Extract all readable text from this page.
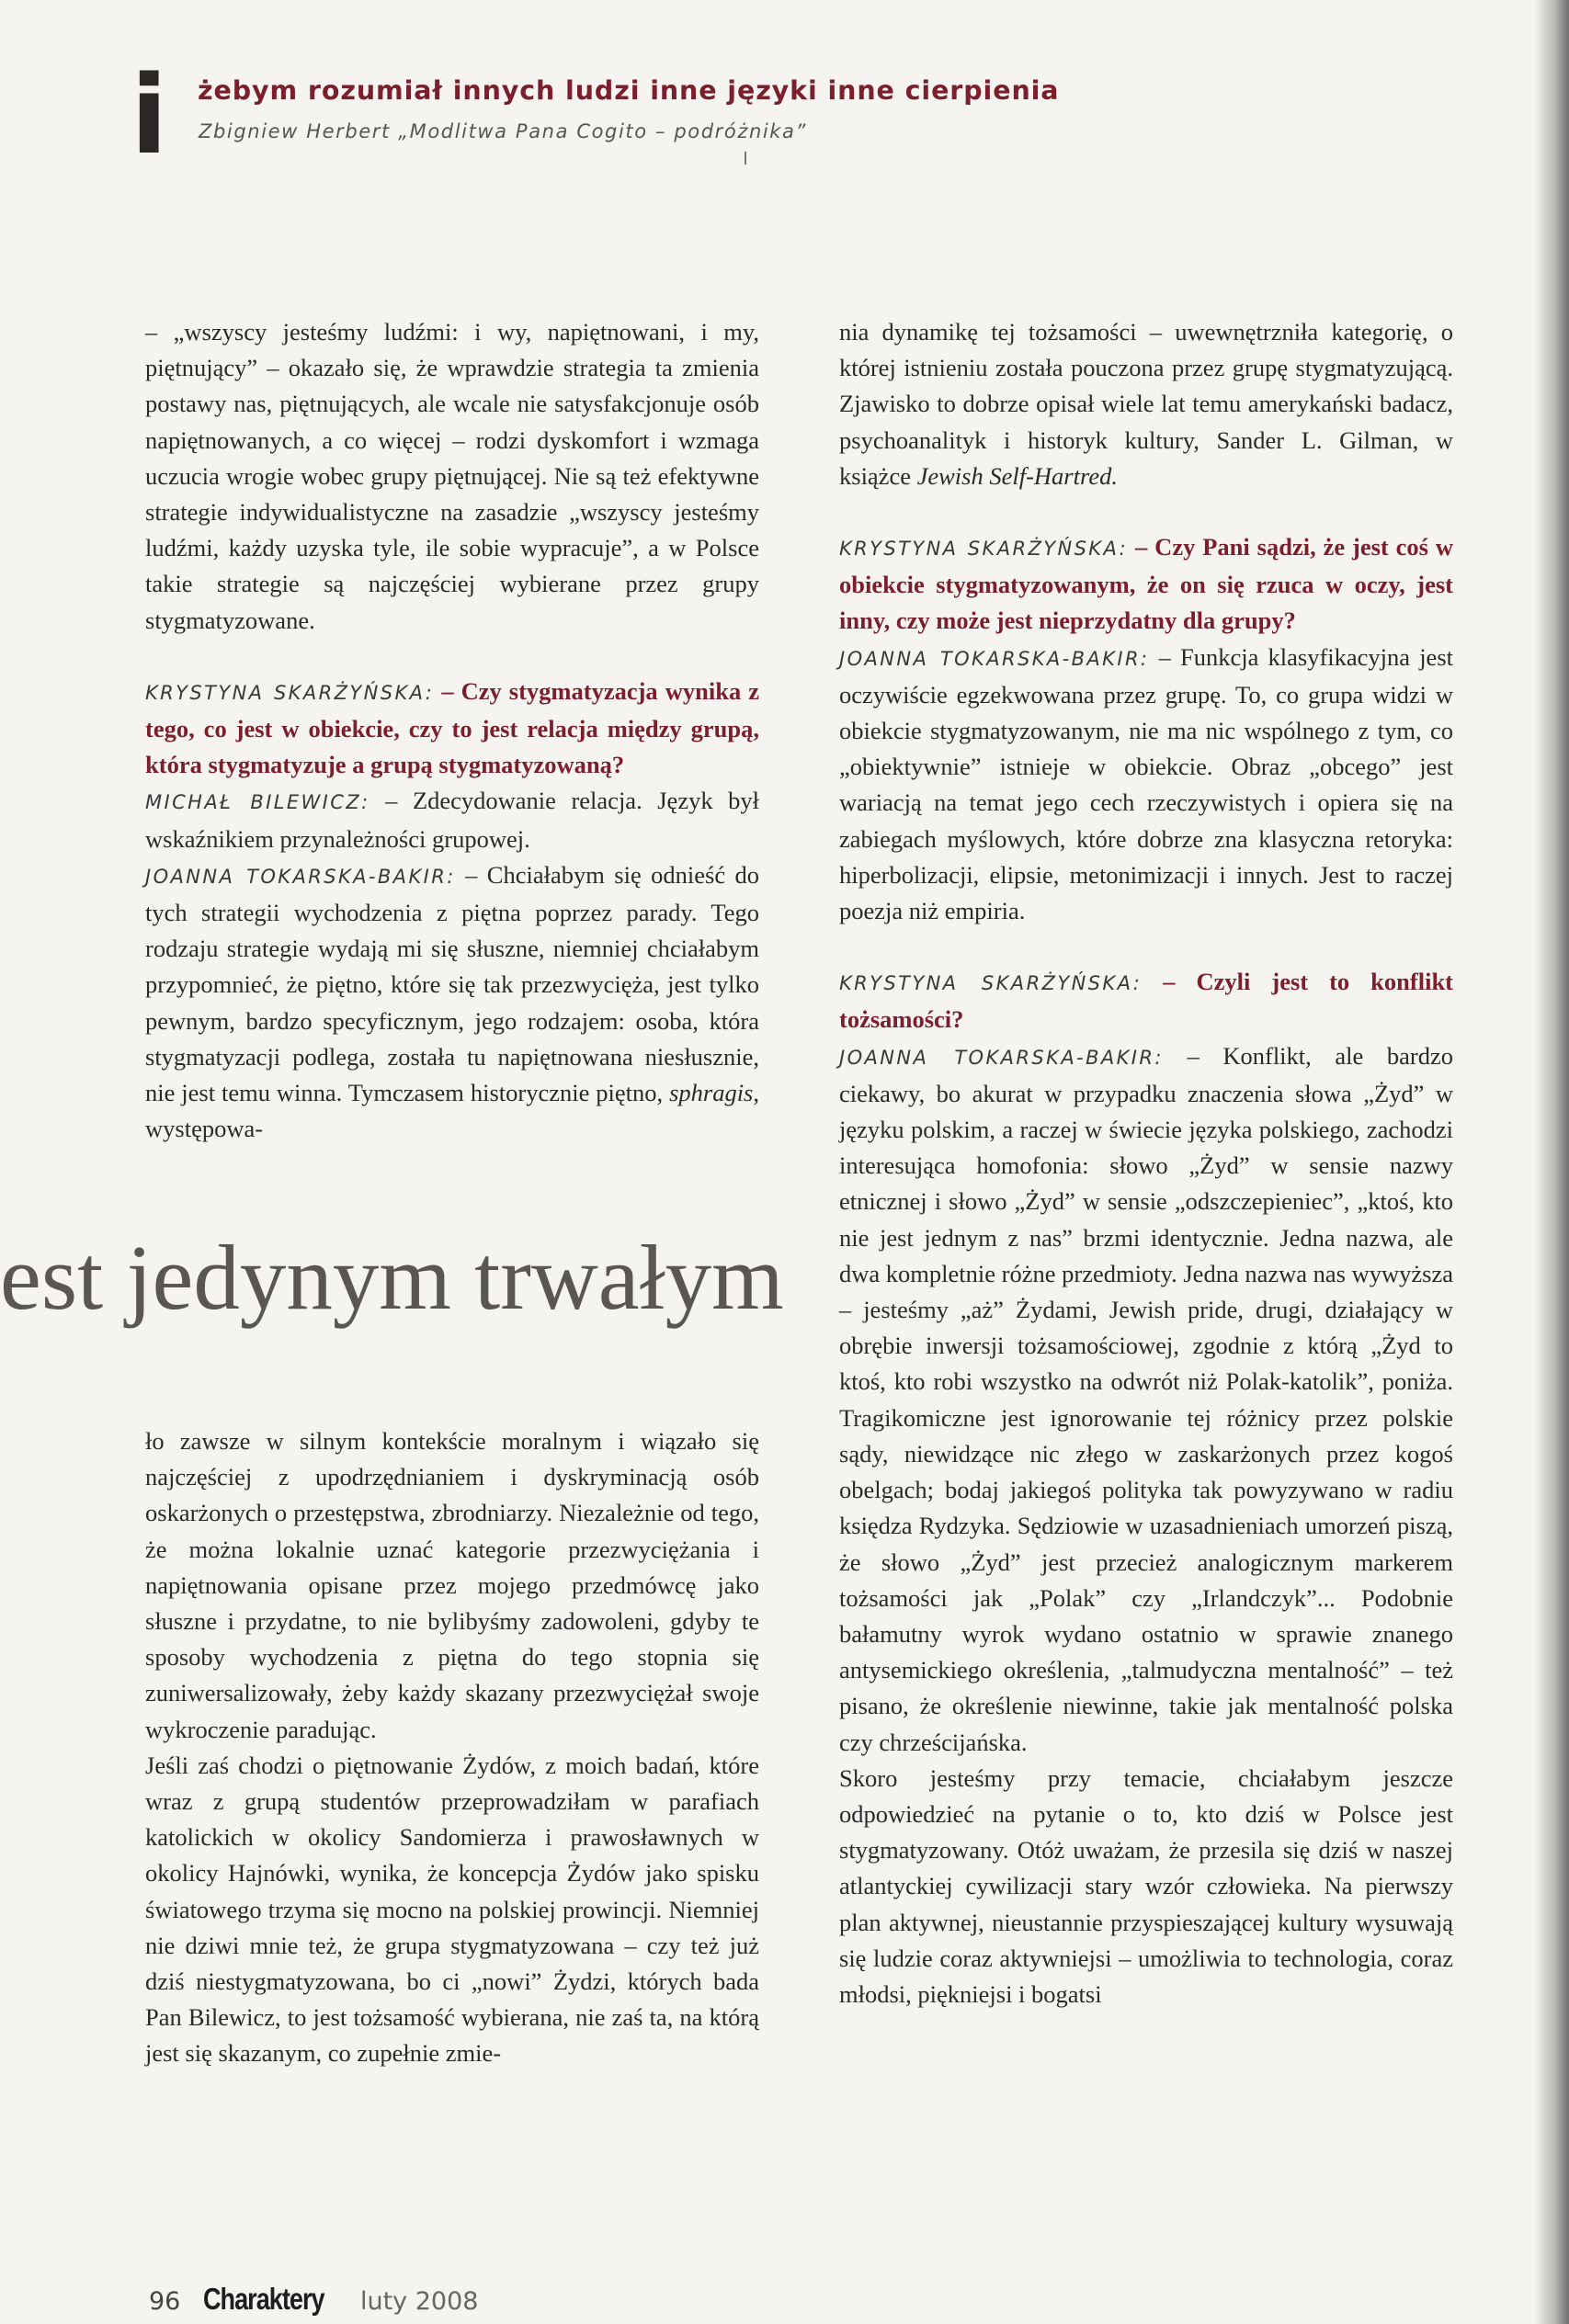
i	żebym rozumiał innych ludzi inne języki inne cierpienia
Zbigniew Herbert „Modlitwa Pana Cogito – podróżnika”

– „wszyscy jesteśmy ludźmi: i wy, napiętnowani, i my, piętnujący” – okazało się, że wprawdzie strategia ta zmienia postawy nas, piętnujących, ale wcale nie satysfakcjonuje osób napiętnowanych, a co więcej – rodzi dyskomfort i wzmaga uczucia wrogie wobec grupy piętnującej. Nie są też efektywne strategie indywidualistyczne na zasadzie „wszyscy jesteśmy ludźmi, każdy uzyska tyle, ile sobie wypracuje”, a w Polsce takie strategie są najczęściej wybierane przez grupy stygmatyzowane.

KRYSTYNA SKARŻYŃSKA: – Czy stygmatyzacja wynika z tego, co jest w obiekcie, czy to jest relacja między grupą, która stygmatyzuje a grupą stygmatyzowaną?

MICHAŁ BILEWICZ: – Zdecydowanie relacja. Język był wskaźnikiem przynależności grupowej.

JOANNA TOKARSKA-BAKIR: – Chciałabym się odnieść do tych strategii wychodzenia z piętna poprzez parady. Tego rodzaju strategie wydają mi się słuszne, niemniej chciałabym przypomnieć, że piętno, które się tak przezwycięża, jest tylko pewnym, bardzo specyficznym, jego rodzajem: osoba, która stygmatyzacji podlega, została tu napiętnowana niesłusznie, nie jest temu winna. Tymczasem historycznie piętno, sphragis, występowa-

est jedynym trwałym

ło zawsze w silnym kontekście moralnym i wiązało się najczęściej z upodrzędnianiem i dyskryminacją osób oskarżonych o przestępstwa, zbrodniarzy. Niezależnie od tego, że można lokalnie uznać kategorie przezwyciężania i napiętnowania opisane przez mojego przedmówcę jako słuszne i przydatne, to nie bylibyśmy zadowoleni, gdyby te sposoby wychodzenia z piętna do tego stopnia się zuniwersalizowały, żeby każdy skazany przezwyciężał swoje wykroczenie paradując.

Jeśli zaś chodzi o piętnowanie Żydów, z moich badań, które wraz z grupą studentów przeprowadziłam w parafiach katolickich w okolicy Sandomierza i prawosławnych w okolicy Hajnówki, wynika, że koncepcja Żydów jako spisku światowego trzyma się mocno na polskiej prowincji. Niemniej nie dziwi mnie też, że grupa stygmatyzowana – czy też już dziś niestygmatyzowana, bo ci „nowi” Żydzi, których bada Pan Bilewicz, to jest tożsamość wybierana, nie zaś ta, na którą jest się skazanym, co zupełnie zmie-

nia dynamikę tej tożsamości – uwewnętrzniła kategorię, o której istnieniu została pouczona przez grupę stygmatyzującą. Zjawisko to dobrze opisał wiele lat temu amerykański badacz, psychoanalityk i historyk kultury, Sander L. Gilman, w książce Jewish Self-Hartred.

KRYSTYNA SKARŻYŃSKA: – Czy Pani sądzi, że jest coś w obiekcie stygmatyzowanym, że on się rzuca w oczy, jest inny, czy może jest nieprzydatny dla grupy?

JOANNA TOKARSKA-BAKIR: – Funkcja klasyfikacyjna jest oczywiście egzekwowana przez grupę. To, co grupa widzi w obiekcie stygmatyzowanym, nie ma nic wspólnego z tym, co „obiektywnie” istnieje w obiekcie. Obraz „obcego” jest wariacją na temat jego cech rzeczywistych i opiera się na zabiegach myślowych, które dobrze zna klasyczna retoryka: hiperbolizacji, elipsie, metonimizacji i innych. Jest to raczej poezja niż empiria.

KRYSTYNA SKARŻYŃSKA: – Czyli jest to konflikt tożsamości?

JOANNA TOKARSKA-BAKIR: – Konflikt, ale bardzo ciekawy, bo akurat w przypadku znaczenia słowa „Żyd” w języku polskim, a raczej w świecie języka polskiego, zachodzi interesująca homofonia: słowo „Żyd” w sensie nazwy etnicznej i słowo „Żyd” w sensie „odszczepieniec”, „ktoś, kto nie jest jednym z nas” brzmi identycznie. Jedna nazwa, ale dwa kompletnie różne przedmioty. Jedna nazwa nas wywyższa – jesteśmy „aż” Żydami, Jewish pride, drugi, działający w obrębie inwersji tożsamościowej, zgodnie z którą „Żyd to ktoś, kto robi wszystko na odwrót niż Polak-katolik”, poniża. Tragikomiczne jest ignorowanie tej różnicy przez polskie sądy, niewidzące nic złego w zaskarżonych przez kogoś obelgach; bodaj jakiegoś polityka tak powyzywano w radiu księdza Rydzyka. Sędziowie w uzasadnieniach umorzeń piszą, że słowo „Żyd” jest przecież analogicznym markerem tożsamości jak „Polak” czy „Irlandczyk”... Podobnie bałamutny wyrok wydano ostatnio w sprawie znanego antysemickiego określenia, „talmudyczna mentalność” – też pisano, że określenie niewinne, takie jak mentalność polska czy chrześcijańska.

Skoro jesteśmy przy temacie, chciałabym jeszcze odpowiedzieć na pytanie o to, kto dziś w Polsce jest stygmatyzowany. Otóż uważam, że przesila się dziś w naszej atlantyckiej cywilizacji stary wzór człowieka. Na pierwszy plan aktywnej, nieustannie przyspieszającej kultury wysuwają się ludzie coraz aktywniejsi – umożliwia to technologia, coraz młodsi, piękniejsi i bogatsi

96 Charaktery luty 2008
